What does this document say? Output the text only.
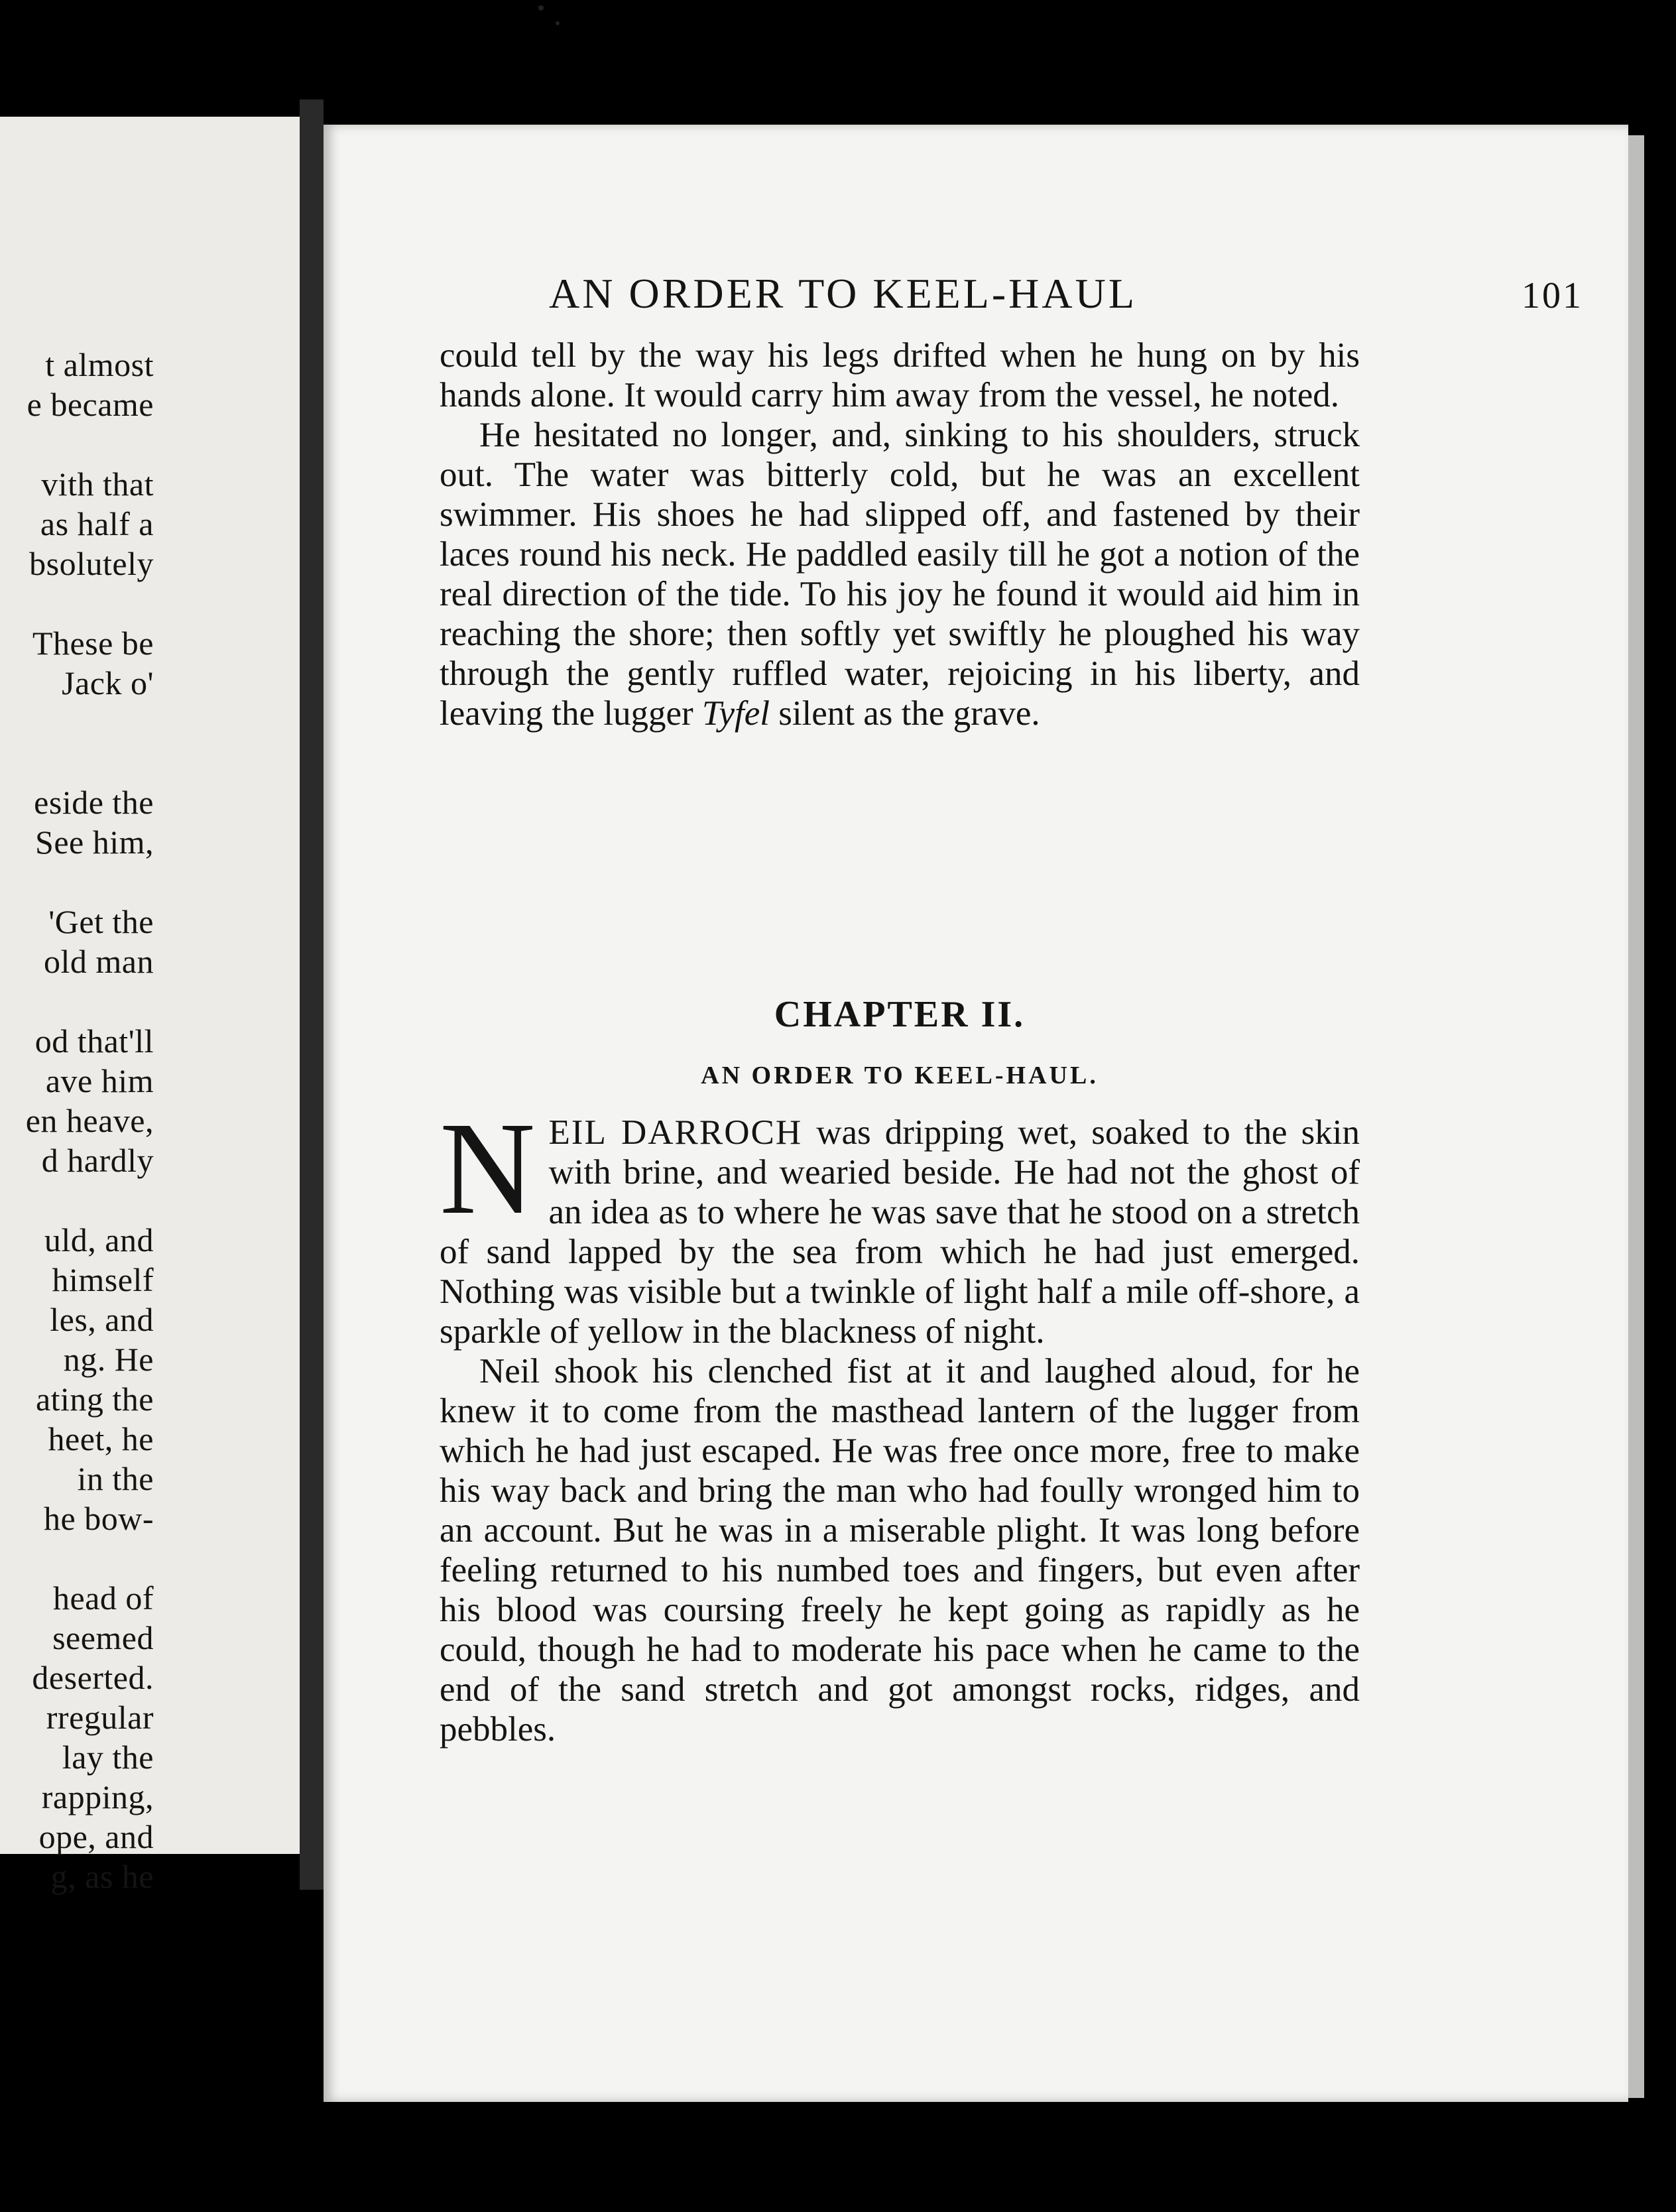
t almost
e became
vith that
as half a
bsolutely
These be
Jack o'
eside the
See him,
'Get the
old man
od that'll
ave him
en heave,
d hardly
uld, and
himself
les, and
ng. He
ating the
heet, he
in the
he bow-
head of
seemed
deserted.
rregular
lay the
rapping,
ope, and
g, as he
AN ORDER TO KEEL-HAUL	101

could tell by the way his legs drifted when he hung on by his hands alone. It would carry him away from the vessel, he noted.

He hesitated no longer, and, sinking to his shoulders, struck out. The water was bitterly cold, but he was an excellent swimmer. His shoes he had slipped off, and fastened by their laces round his neck. He paddled easily till he got a notion of the real direction of the tide. To his joy he found it would aid him in reaching the shore; then softly yet swiftly he ploughed his way through the gently ruffled water, rejoicing in his liberty, and leaving the lugger Tyfel silent as the grave.

CHAPTER II.
AN ORDER TO KEEL-HAUL.

NEIL DARROCH was dripping wet, soaked to the skin with brine, and wearied beside. He had not the ghost of an idea as to where he was save that he stood on a stretch of sand lapped by the sea from which he had just emerged. Nothing was visible but a twinkle of light half a mile off-shore, a sparkle of yellow in the blackness of night.

Neil shook his clenched fist at it and laughed aloud, for he knew it to come from the masthead lantern of the lugger from which he had just escaped. He was free once more, free to make his way back and bring the man who had foully wronged him to an account. But he was in a miserable plight. It was long before feeling returned to his numbed toes and fingers, but even after his blood was coursing freely he kept going as rapidly as he could, though he had to moderate his pace when he came to the end of the sand stretch and got amongst rocks, ridges, and pebbles.
